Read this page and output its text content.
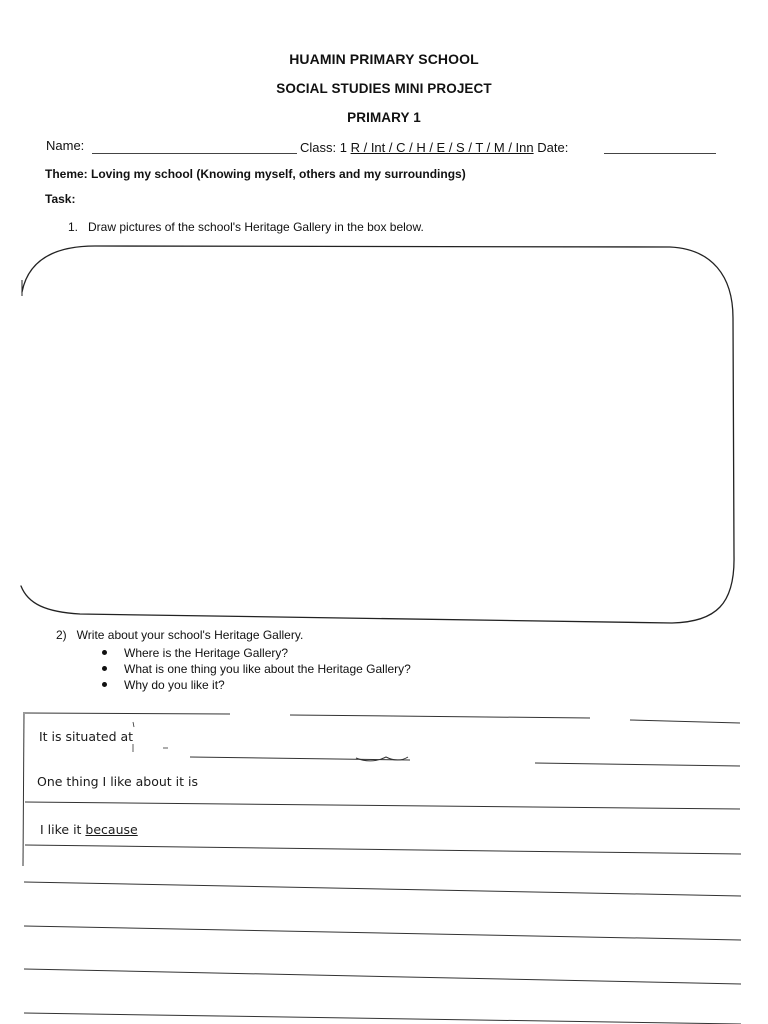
HUAMIN PRIMARY SCHOOL
SOCIAL STUDIES MINI PROJECT
PRIMARY 1
Name:	Class: 1 R / Int / C / H / E / S / T / M / Inn Date:
Theme: Loving my school (Knowing myself, others and my surroundings)
Task:
1. Draw pictures of the school's Heritage Gallery in the box below.
2) Write about your school's Heritage Gallery.
Where is the Heritage Gallery?
What is one thing you like about the Heritage Gallery?
Why do you like it?
It is situated at
One thing I like about it is
I like it because
